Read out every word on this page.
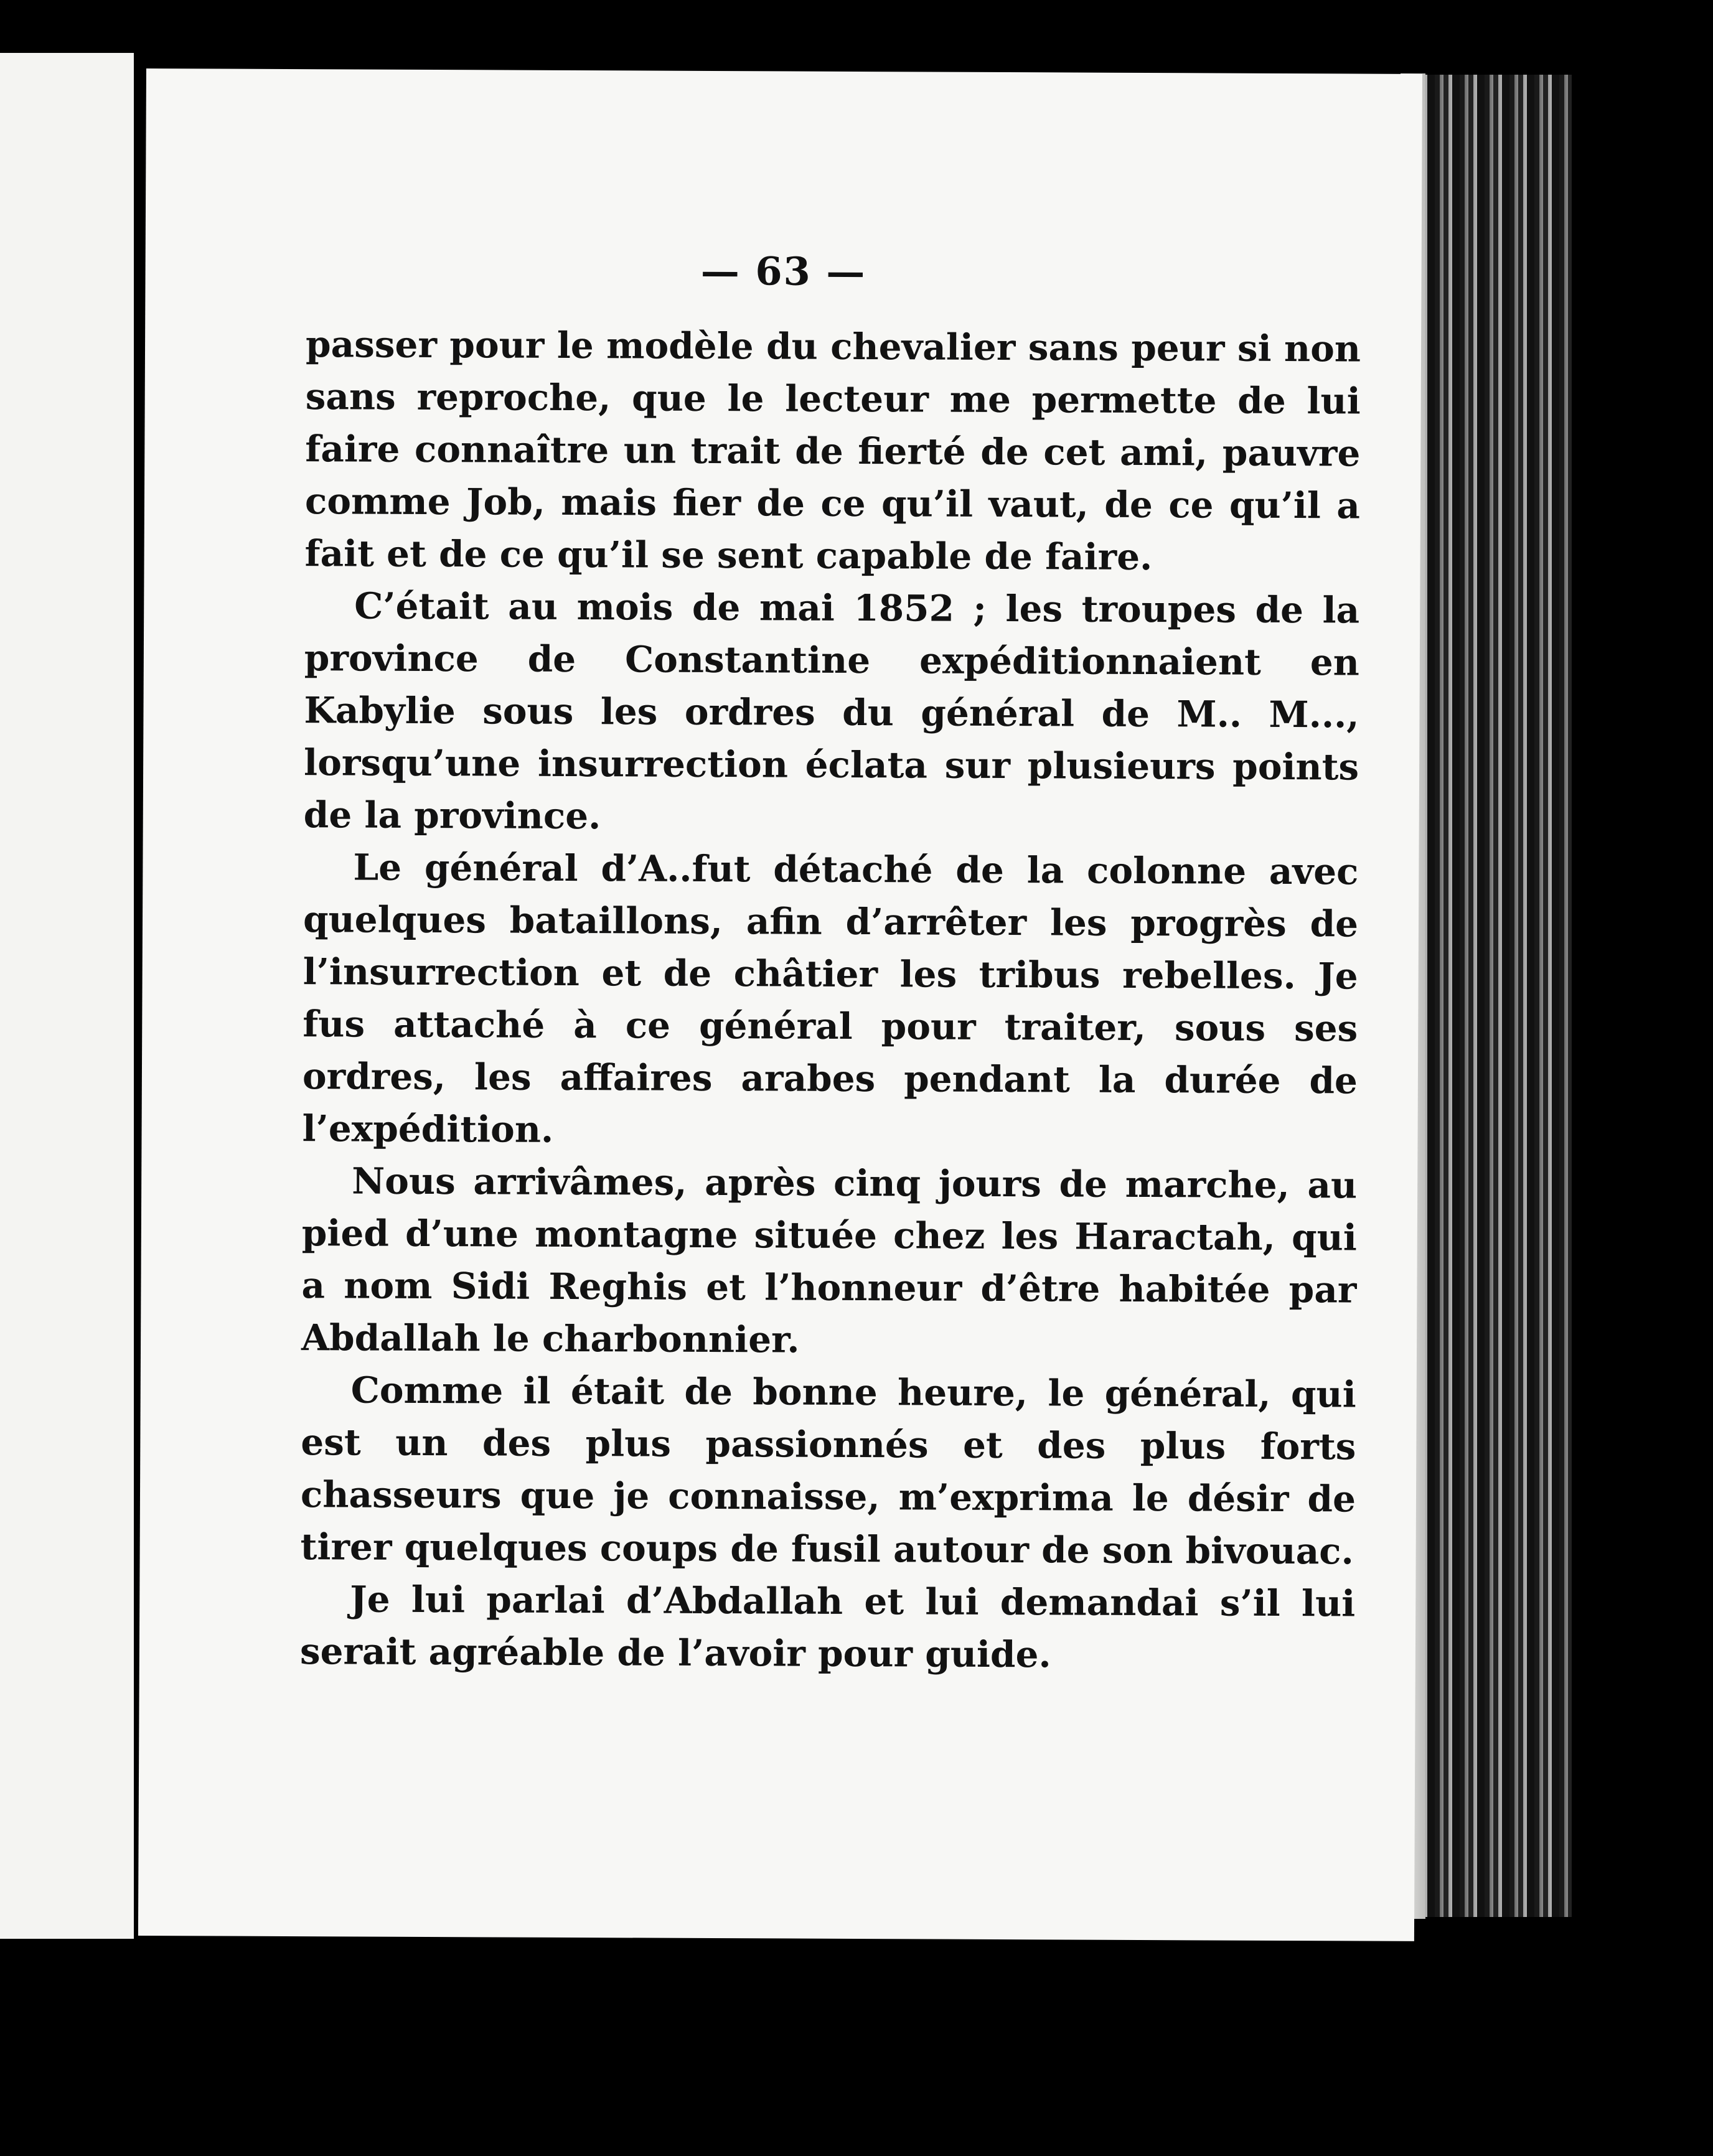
— 63 —

passer pour le modèle du chevalier sans peur si non sans reproche, que le lecteur me permette de lui faire connaître un trait de fierté de cet ami, pauvre comme Job, mais fier de ce qu’il vaut, de ce qu’il a fait et de ce qu’il se sent capable de faire.

C’était au mois de mai 1852 ; les troupes de la province de Constantine expéditionnaient en Kabylie sous les ordres du général de M.. M..., lorsqu’une insurrection éclata sur plusieurs points de la province.

Le général d’A..fut détaché de la colonne avec quelques bataillons, afin d’arrêter les progrès de l’insurrection et de châtier les tribus rebelles. Je fus attaché à ce général pour traiter, sous ses ordres, les affaires arabes pendant la durée de l’expédition.

Nous arrivâmes, après cinq jours de marche, au pied d’une montagne située chez les Haractah, qui a nom Sidi Reghis et l’honneur d’être habitée par Abdallah le charbonnier.

Comme il était de bonne heure, le général, qui est un des plus passionnés et des plus forts chasseurs que je connaisse, m’exprima le désir de tirer quelques coups de fusil autour de son bivouac.

Je lui parlai d’Abdallah et lui demandai s’il lui serait agréable de l’avoir pour guide.
